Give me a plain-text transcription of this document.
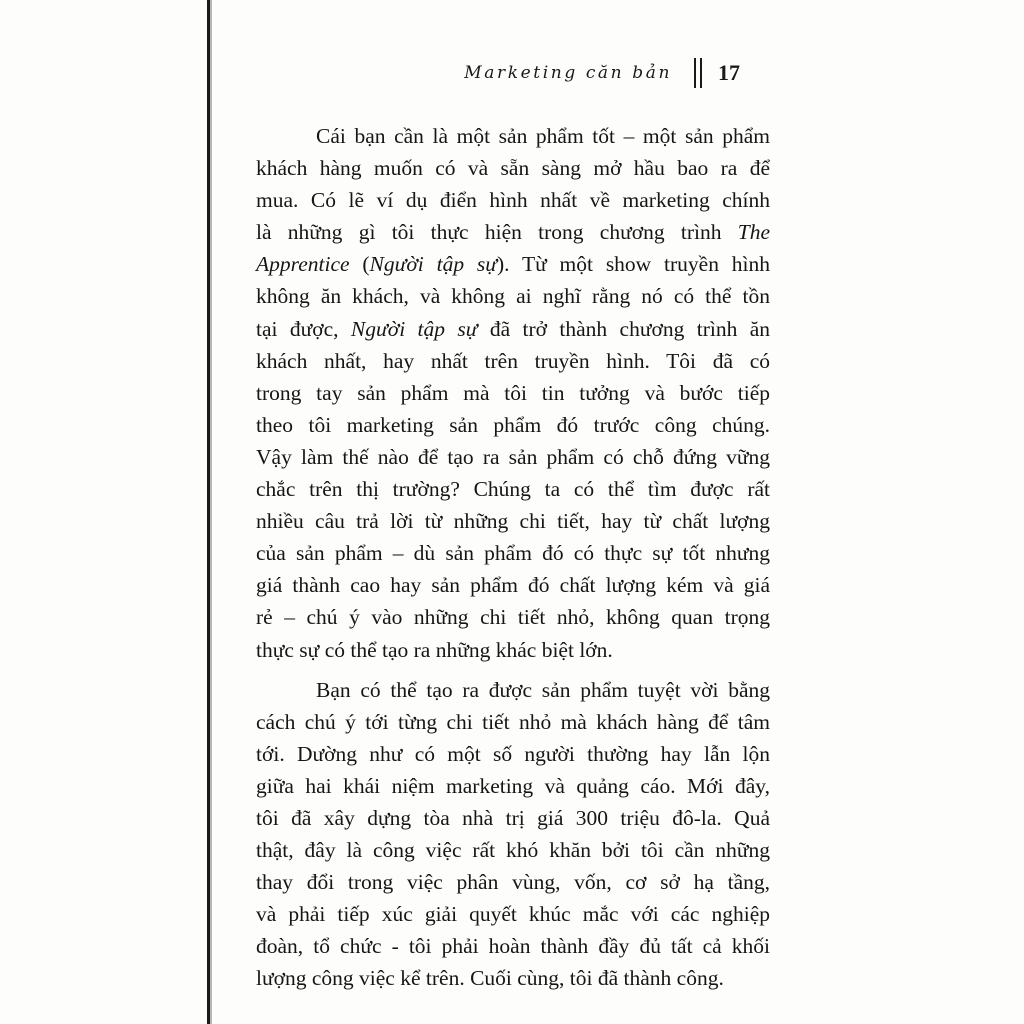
Marketing căn bản 17
Cái bạn cần là một sản phẩm tốt – một sản phẩm
khách hàng muốn có và sẵn sàng mở hầu bao ra để
mua. Có lẽ ví dụ điển hình nhất về marketing chính
là những gì tôi thực hiện trong chương trình The
Apprentice (Người tập sự). Từ một show truyền hình
không ăn khách, và không ai nghĩ rằng nó có thể tồn
tại được, Người tập sự đã trở thành chương trình ăn
khách nhất, hay nhất trên truyền hình. Tôi đã có
trong tay sản phẩm mà tôi tin tưởng và bước tiếp
theo tôi marketing sản phẩm đó trước công chúng.
Vậy làm thế nào để tạo ra sản phẩm có chỗ đứng vững
chắc trên thị trường? Chúng ta có thể tìm được rất
nhiều câu trả lời từ những chi tiết, hay từ chất lượng
của sản phẩm – dù sản phẩm đó có thực sự tốt nhưng
giá thành cao hay sản phẩm đó chất lượng kém và giá
rẻ – chú ý vào những chi tiết nhỏ, không quan trọng
thực sự có thể tạo ra những khác biệt lớn.
Bạn có thể tạo ra được sản phẩm tuyệt vời bằng
cách chú ý tới từng chi tiết nhỏ mà khách hàng để tâm
tới. Dường như có một số người thường hay lẫn lộn
giữa hai khái niệm marketing và quảng cáo. Mới đây,
tôi đã xây dựng tòa nhà trị giá 300 triệu đô-la. Quả
thật, đây là công việc rất khó khăn bởi tôi cần những
thay đổi trong việc phân vùng, vốn, cơ sở hạ tầng,
và phải tiếp xúc giải quyết khúc mắc với các nghiệp
đoàn, tổ chức - tôi phải hoàn thành đầy đủ tất cả khối
lượng công việc kể trên. Cuối cùng, tôi đã thành công.
